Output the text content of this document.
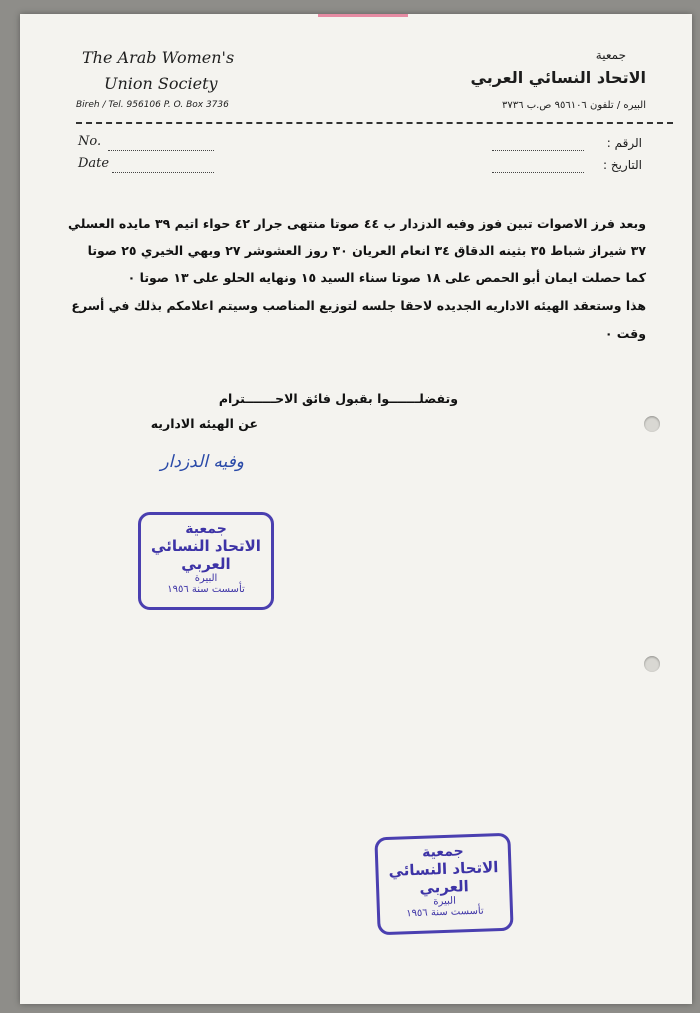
The Arab Women's
Union Society
Bireh / Tel. 956106 P. O. Box 3736
جمعية
الاتحاد النسائي العربي
البيره / تلفون ٩٥٦١٠٦ ص.ب ٣٧٣٦
No.
Date
الرقم :
التاريخ :
وبعد فرز الاصوات تبين فوز وفيه الدزدار ب ٤٤ صوتا منتهى جرار ٤٢ حواء اتيم ٣٩ مايده العسلي
٣٧ شيراز شباط ٣٥ بثينه الدقاق ٣٤ انعام العريان ٣٠ روز العشوشر ٢٧ وبهي الخيري ٢٥ صوتا
كما حصلت ايمان أبو الحمص على ١٨ صوتا سناء السيد ١٥ ونهايه الحلو على ١٣ صوتا ٠
هذا وستعقد الهيئه الاداريه الجديده لاحقا جلسه لتوزيع المناصب وسيتم اعلامكم بذلك في أسرع
وقت ٠
وتفضلـــــــوا بقبول فائق الاحـــــــترام
عن الهيئه الاداريه
وفيه الدزدار
جمعية
الاتحاد النسائي العربي
البيرة
تأسست سنة ١٩٥٦
جمعية
الاتحاد النسائي العربي
البيرة
تأسست سنة ١٩٥٦
